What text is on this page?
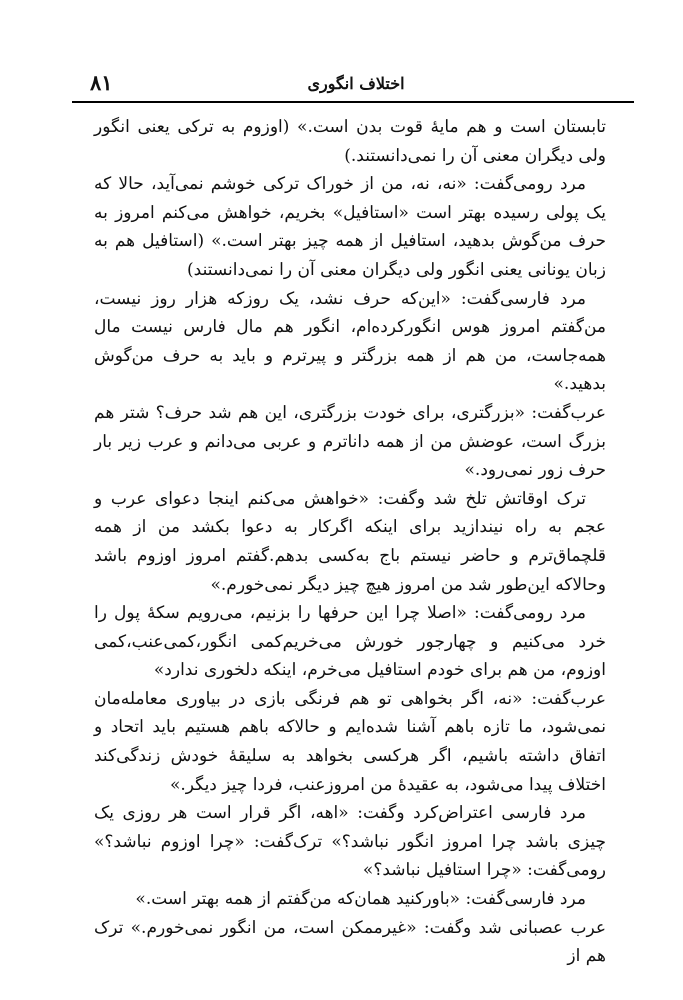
اختلاف انگوری
۸۱

تابستان است و هم مایهٔ قوت بدن است.» (اوزوم به ترکی یعنی انگور ولی دیگران معنی آن را نمی‌دانستند.)

مرد رومی‌گفت: «نه، نه، من از خوراک ترکی خوشم نمی‌آید، حالا که یک پولی رسیده بهتر است «استافیل» بخریم، خواهش می‌کنم امروز به حرف من‌گوش بدهید، استافیل از همه چیز بهتر است.» (استافیل هم به زبان یونانی یعنی انگور ولی دیگران معنی آن را نمی‌دانستند)

مرد فارسی‌گفت: «این‌که حرف نشد، یک روز‌که هزار روز نیست، من‌گفتم امروز هوس انگور‌کرده‌ام، انگور هم مال فارس نیست مال همه‌جاست، من هم از همه بزرگتر و پیرترم و باید به حرف من‌گوش بدهید.»

عرب‌گفت: «بزرگتری، برای خودت بزرگتری، این هم شد حرف؟ شتر هم بزرگ است، عوضش من از همه داناترم و عربی می‌دانم و عرب زیر بار حرف زور نمی‌رود.»

ترک اوقاتش تلخ شد وگفت: «خواهش می‌کنم اینجا دعوای عرب و عجم به راه نیندازید برای اینکه اگر‌کار به دعوا بکشد من از همه قلچماق‌ترم و حاضر نیستم باج به‌کسی بدهم.گفتم امروز اوزوم باشد وحالا‌که این‌طور شد من امروز هیچ چیز دیگر نمی‌خورم.»

مرد رومی‌گفت: «اصلا چرا این حرفها را بزنیم، می‌رویم سکهٔ پول را خرد می‌کنیم و چهارجور خورش می‌خریم‌کمی انگور،‌کمی‌عنب،‌کمی اوزوم، من هم برای خودم استافیل می‌خرم، اینکه دلخوری ندارد»

عرب‌گفت: «نه، اگر بخواهی تو هم فرنگی بازی در بیاوری معامله‌مان نمی‌شود، ما تازه باهم آشنا شده‌ایم و حالا‌که باهم هستیم باید اتحاد و اتفاق داشته باشیم، اگر هر‌کسی بخواهد به سلیقهٔ خودش زندگی‌کند اختلاف پیدا می‌شود، به عقیدهٔ من امروز‌عنب، فردا چیز دیگر.»

مرد فارسی اعتراض‌کرد وگفت: «اهه، اگر قرار است هر روزی یک چیزی باشد چرا امروز انگور نباشد؟» ترک‌گفت: «چرا اوزوم نباشد؟» رومی‌گفت: «چرا استافیل نباشد؟»

مرد فارسی‌گفت: «باور‌کنید همان‌که من‌گفتم از همه بهتر است.»

عرب عصبانی شد وگفت: «غیرممکن است، من انگور نمی‌خورم.» ترک هم از
